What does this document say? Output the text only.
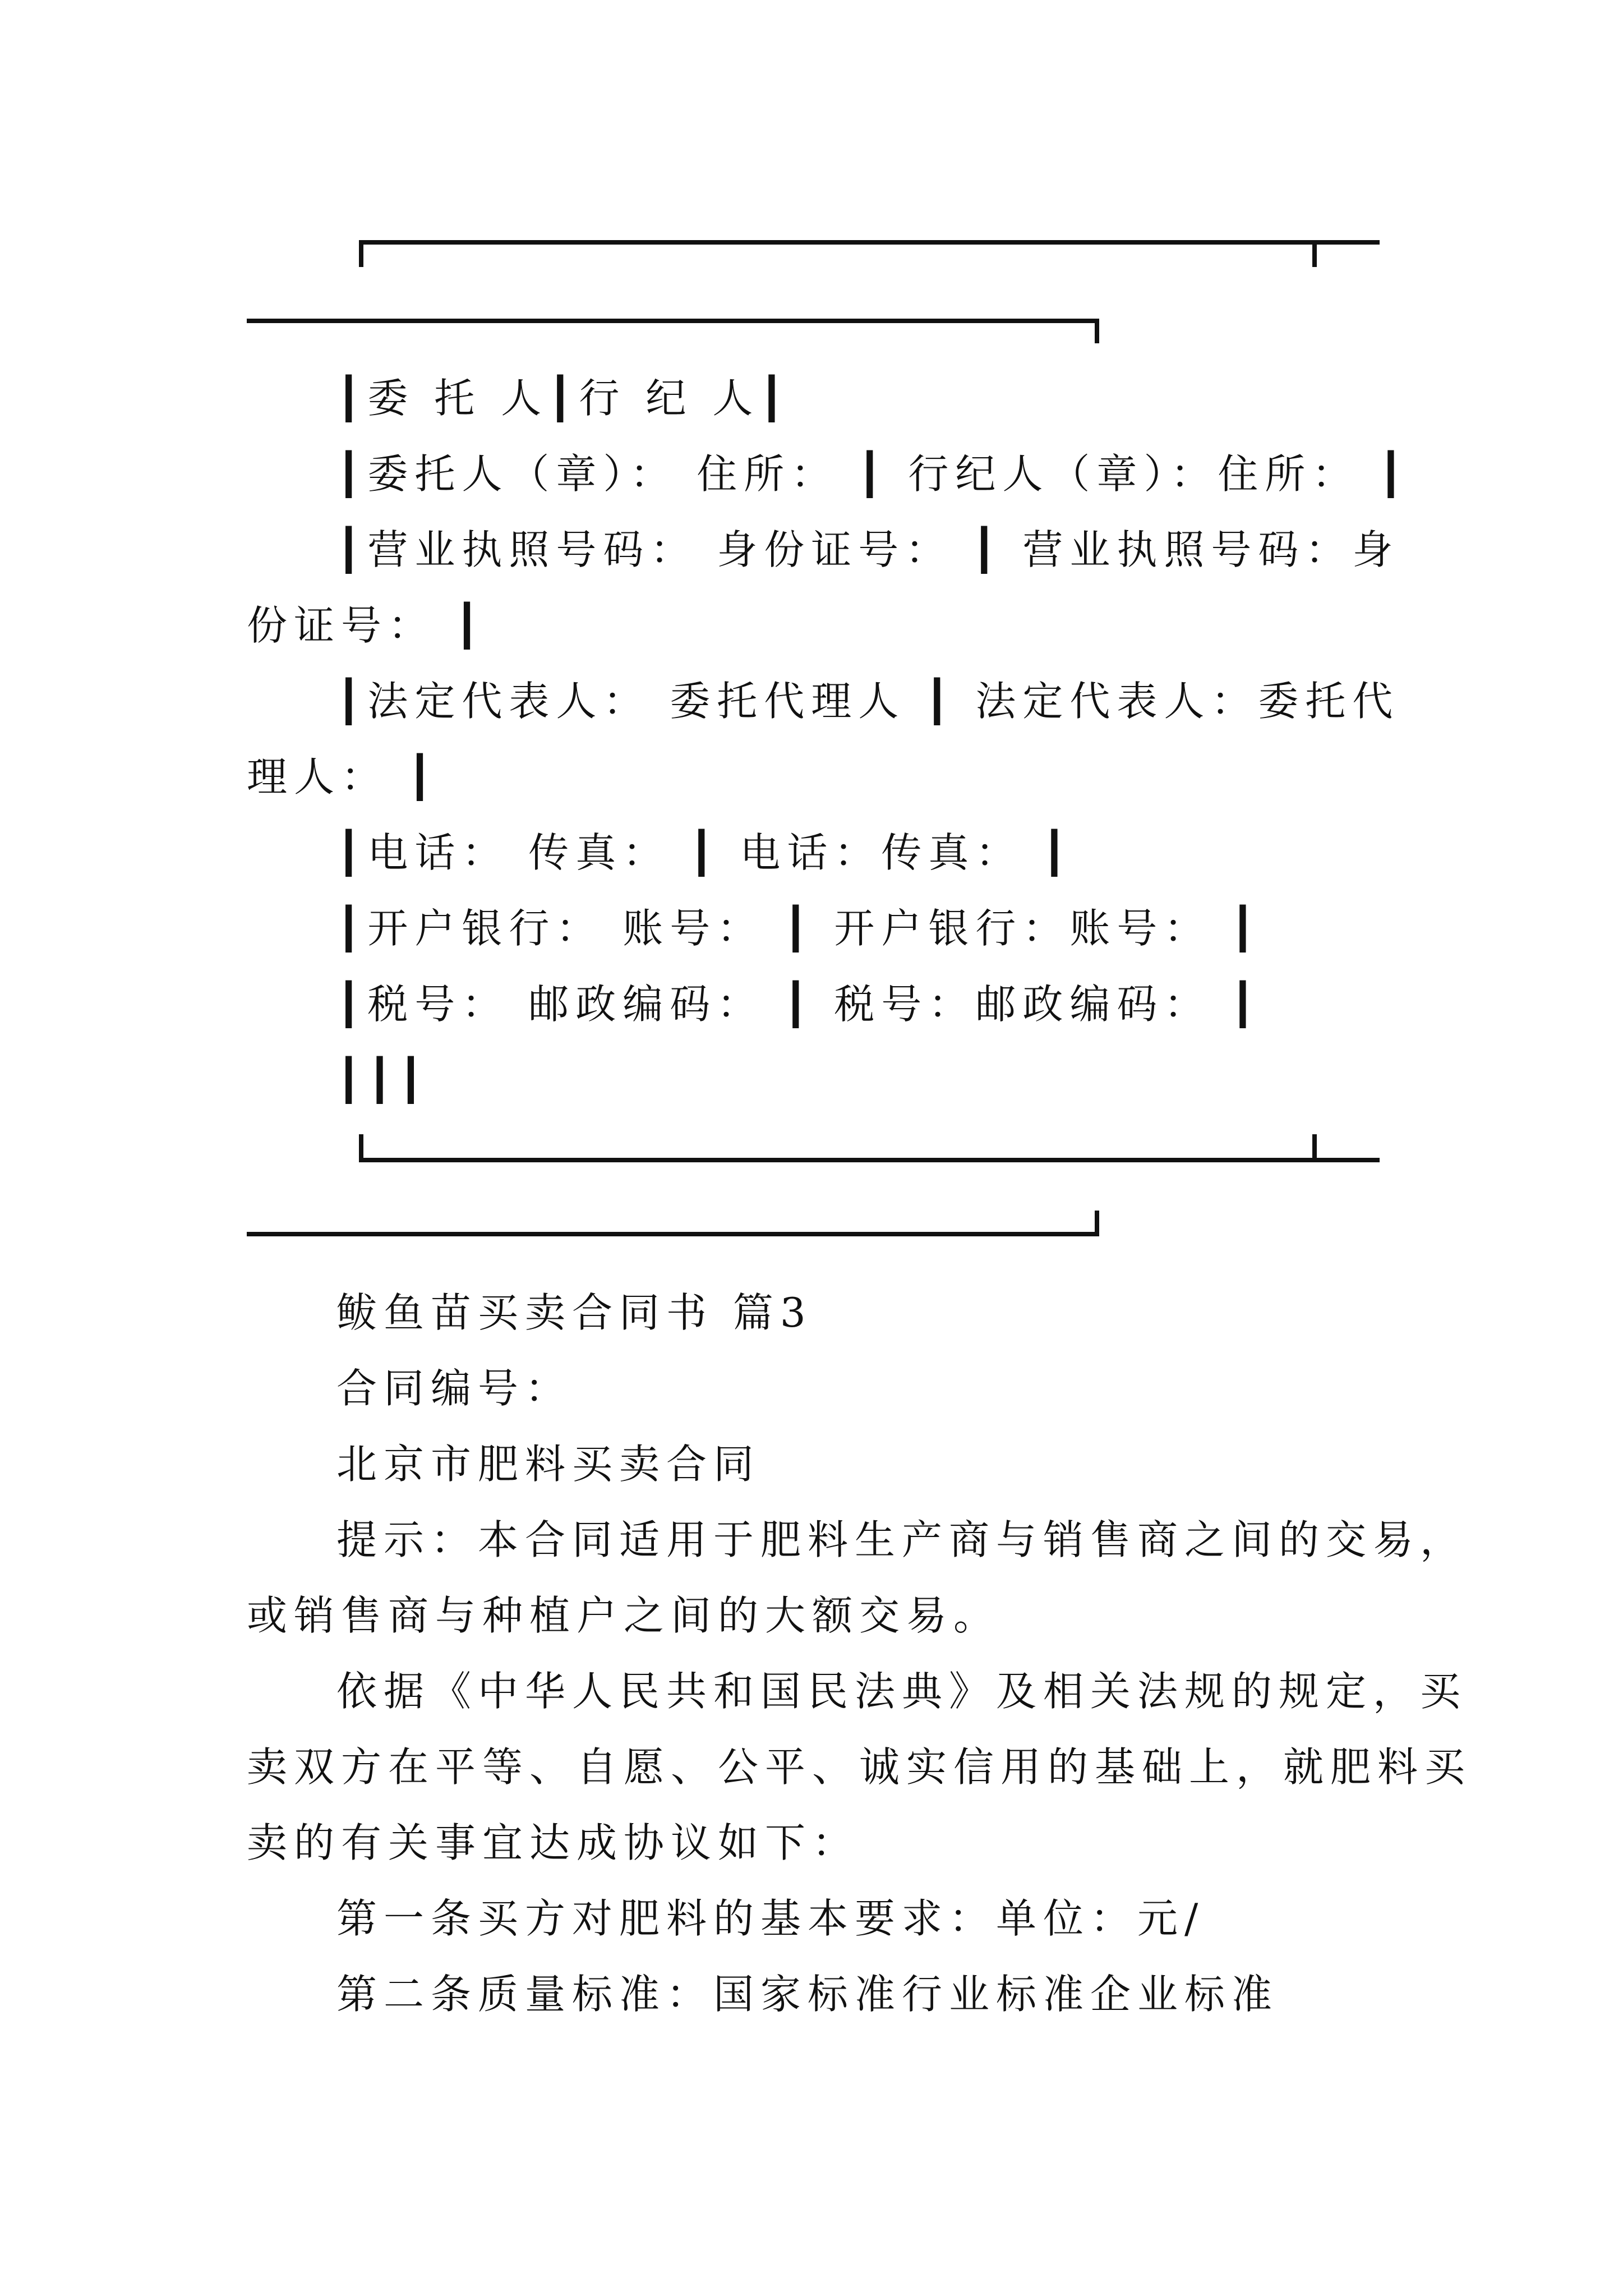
┃委 托 人┃行 纪 人┃
┃委托人（章）： 住所： ┃ 行纪人（章）：住所： ┃
┃营业执照号码： 身份证号： ┃ 营业执照号码：身
份证号： ┃
┃法定代表人： 委托代理人 ┃ 法定代表人：委托代
理人： ┃
┃电话： 传真： ┃ 电话：传真： ┃
┃开户银行： 账号： ┃ 开户银行：账号： ┃
┃税号： 邮政编码： ┃ 税号：邮政编码： ┃
┃┃┃
鲅鱼苗买卖合同书 篇3
合同编号：
北京市肥料买卖合同
提示：本合同适用于肥料生产商与销售商之间的交易，
或销售商与种植户之间的大额交易。
依据《中华人民共和国民法典》及相关法规的规定，买
卖双方在平等、自愿、公平、诚实信用的基础上，就肥料买
卖的有关事宜达成协议如下：
第一条买方对肥料的基本要求：单位：元/
第二条质量标准：国家标准行业标准企业标准
